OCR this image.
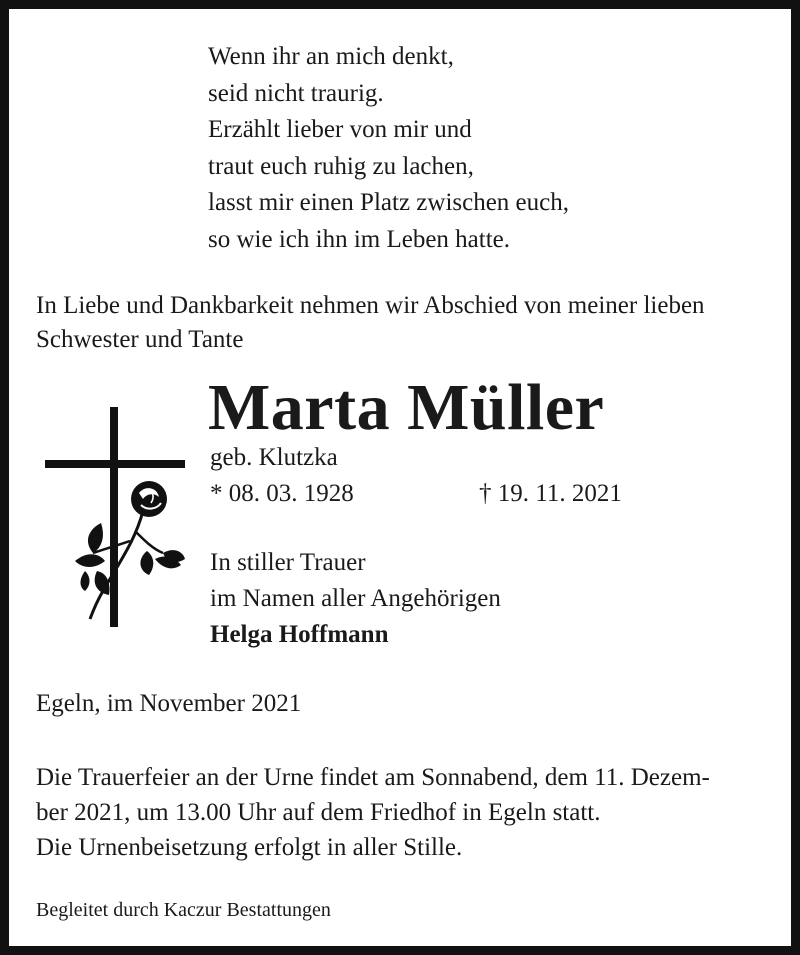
Wenn ihr an mich denkt,
seid nicht traurig.
Erzählt lieber von mir und
traut euch ruhig zu lachen,
lasst mir einen Platz zwischen euch,
so wie ich ihn im Leben hatte.
In Liebe und Dankbarkeit nehmen wir Abschied von meiner lieben
Schwester und Tante
Marta Müller
geb. Klutzka
* 08. 03. 1928	† 19. 11. 2021
In stiller Trauer
im Namen aller Angehörigen
Helga Hoffmann
Egeln, im November 2021
Die Trauerfeier an der Urne findet am Sonnabend, dem 11. Dezem-
ber 2021, um 13.00 Uhr auf dem Friedhof in Egeln statt.
Die Urnenbeisetzung erfolgt in aller Stille.
Begleitet durch Kaczur Bestattungen
